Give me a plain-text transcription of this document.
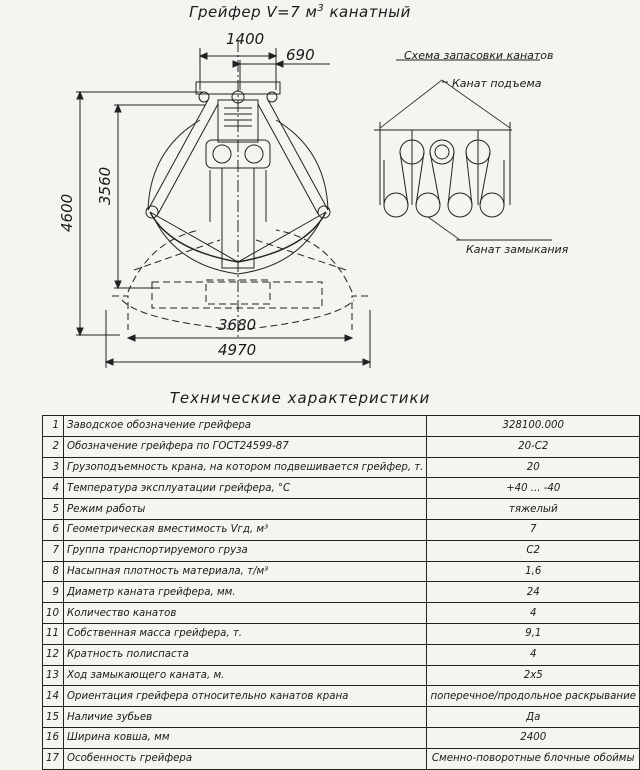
Грейфер V=7 $м^3$ канатный
1400
690
4600
3560
3680
4970
Схема запасовки канатов
Канат подъема
Канат замыкания
Технические характеристики
1	Заводское обозначение грейфера	328100.000
2	Обозначение грейфера по ГОСТ24599-87	20-С2
3	Грузоподъемность крана, на котором подвешивается грейфер, т.	20
4	Температура эксплуатации грейфера, °С	+40 ... -40
5	Режим работы	тяжелый
6	Геометрическая вместимость Vгд, м³	7
7	Группа транспортируемого груза	С2
8	Насыпная плотность материала, т/м³	1,6
9	Диаметр каната грейфера, мм.	24
10	Количество канатов	4
11	Собственная масса грейфера, т.	9,1
12	Кратность полиспаста	4
13	Ход замыкающего каната, м.	2х5
14	Ориентация грейфера относительно канатов крана	поперечное/продольное раскрывание
15	Наличие зубьев	Да
16	Ширина ковша, мм	2400
17	Особенность грейфера	Сменно-поворотные блочные обоймы
